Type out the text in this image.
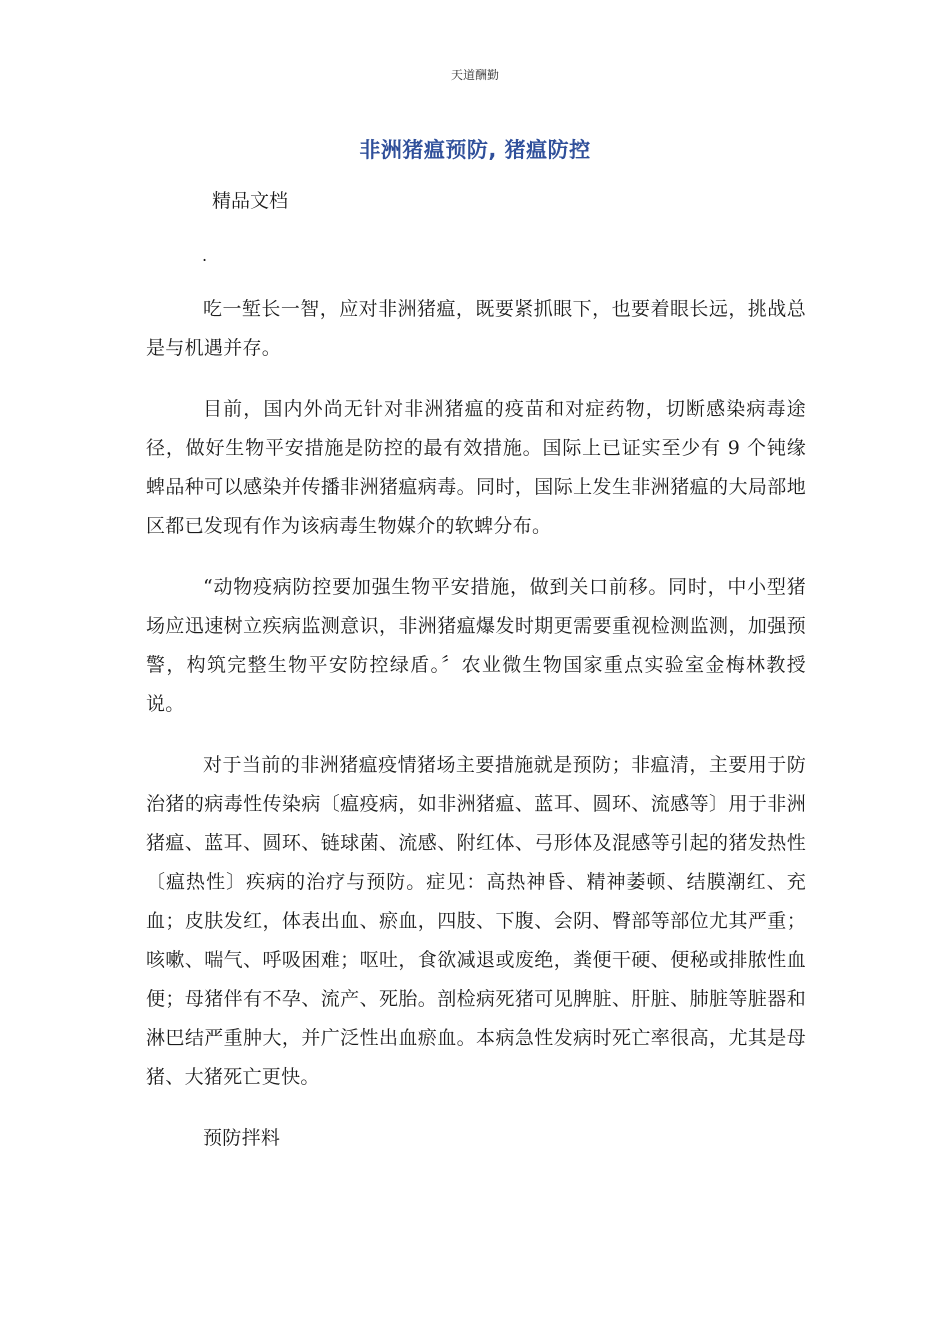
天道酬勤
非洲猪瘟预防, 猪瘟防控
精品文档
.

吃一堑长一智，应对非洲猪瘟，既要紧抓眼下，也要着眼长远，挑战总是与机遇并存。

目前，国内外尚无针对非洲猪瘟的疫苗和对症药物，切断感染病毒途径，做好生物平安措施是防控的最有效措施。国际上已证实至少有 9 个钝缘蜱品种可以感染并传播非洲猪瘟病毒。同时，国际上发生非洲猪瘟的大局部地区都已发现有作为该病毒生物媒介的软蜱分布。

“动物疫病防控要加强生物平安措施，做到关口前移。同时，中小型猪场应迅速树立疾病监测意识，非洲猪瘟爆发时期更需要重视检测监测，加强预警，构筑完整生物平安防控绿盾。〞农业微生物国家重点实验室金梅林教授说。

对于当前的非洲猪瘟疫情猪场主要措施就是预防；非瘟清，主要用于防治猪的病毒性传染病〔瘟疫病，如非洲猪瘟、蓝耳、圆环、流感等〕用于非洲猪瘟、蓝耳、圆环、链球菌、流感、附红体、弓形体及混感等引起的猪发热性〔瘟热性〕疾病的治疗与预防。症见：高热神昏、精神萎顿、结膜潮红、充血；皮肤发红，体表出血、瘀血，四肢、下腹、会阴、臀部等部位尤其严重；咳嗽、喘气、呼吸困难；呕吐，食欲减退或废绝，粪便干硬、便秘或排脓性血便；母猪伴有不孕、流产、死胎。剖检病死猪可见脾脏、肝脏、肺脏等脏器和淋巴结严重肿大，并广泛性出血瘀血。本病急性发病时死亡率很高，尤其是母猪、大猪死亡更快。

预防拌料
